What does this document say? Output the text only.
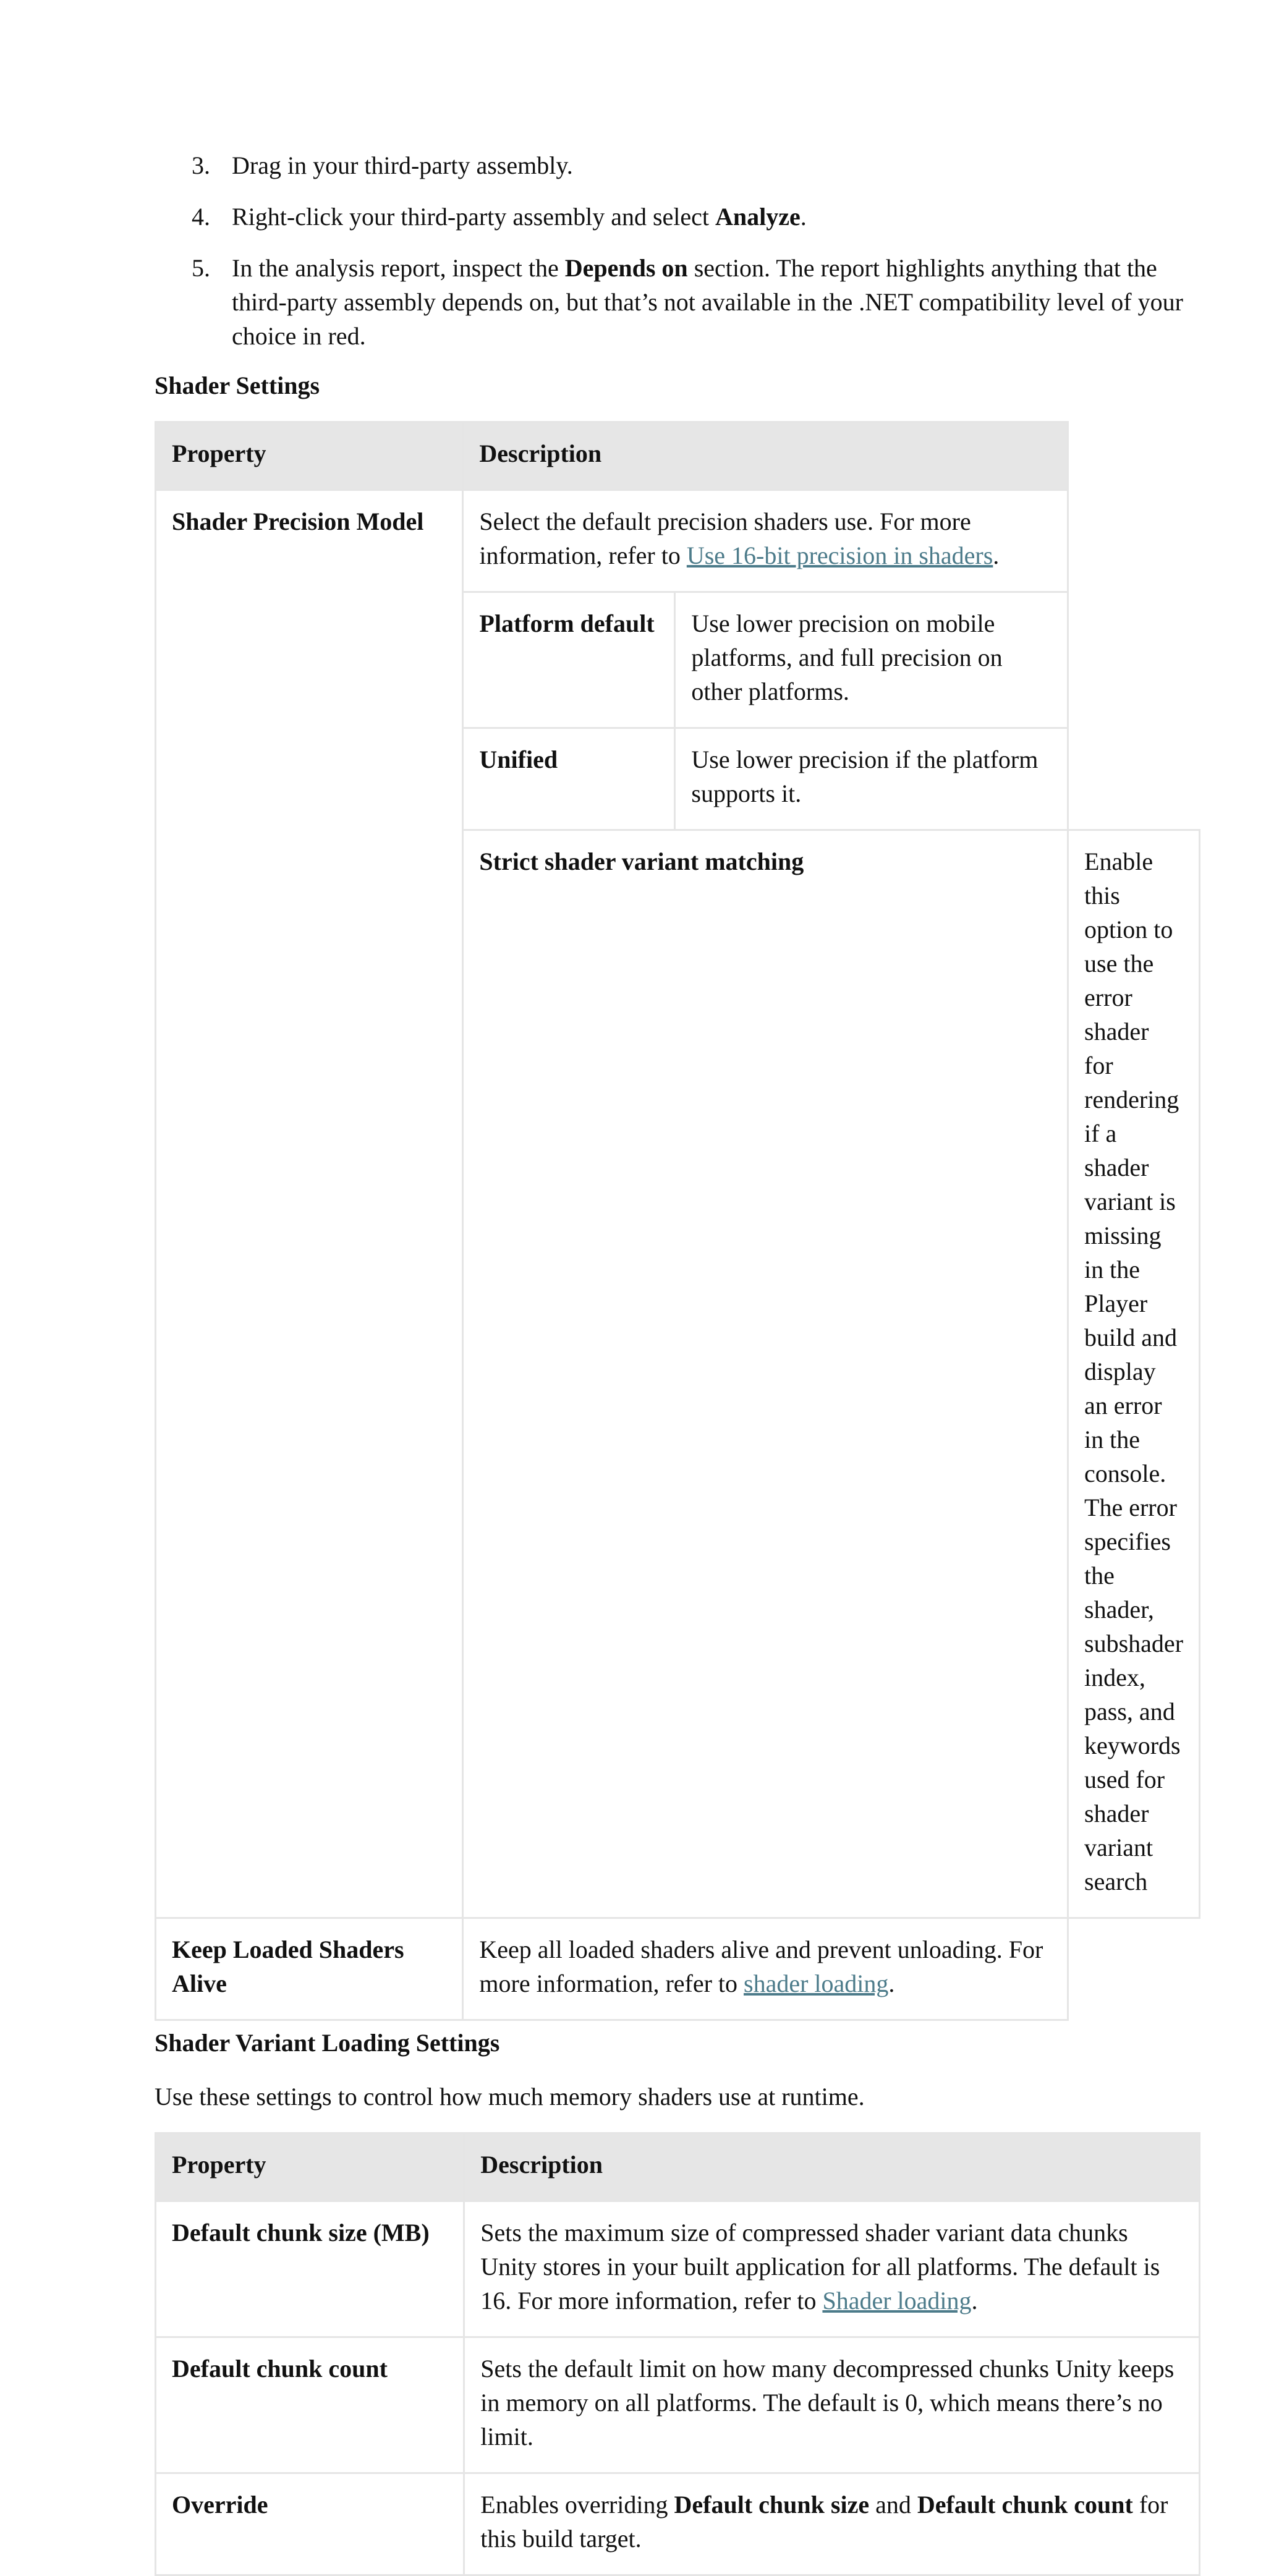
3. Drag in your third-party assembly.
4. Right-click your third-party assembly and select Analyze.
5. In the analysis report, inspect the Depends on section. The report highlights anything that the third-party assembly depends on, but that’s not available in the .NET compatibility level of your choice in red.
Shader Settings
Property	Description
Shader Precision Model	Select the default precision shaders use. For more information, refer to Use 16-bit precision in shaders.

Platform default	Use lower precision on mobile platforms, and full precision on other platforms.
Unified	Use lower precision if the platform supports it.

Strict shader variant matching	Enable this option to use the error shader for rendering if a shader variant is missing in the Player build and display an error in the console. The error specifies the shader, subshader index, pass, and keywords used for shader variant search
Keep Loaded Shaders Alive	Keep all loaded shaders alive and prevent unloading. For more information, refer to shader loading.
Shader Variant Loading Settings
Use these settings to control how much memory shaders use at runtime.
Property	Description
Default chunk size (MB)	Sets the maximum size of compressed shader variant data chunks Unity stores in your built application for all platforms. The default is 16. For more information, refer to Shader loading.
Default chunk count	Sets the default limit on how many decompressed chunks Unity keeps in memory on all platforms. The default is 0, which means there’s no limit.
Override	Enables overriding Default chunk size and Default chunk count for this build target.
